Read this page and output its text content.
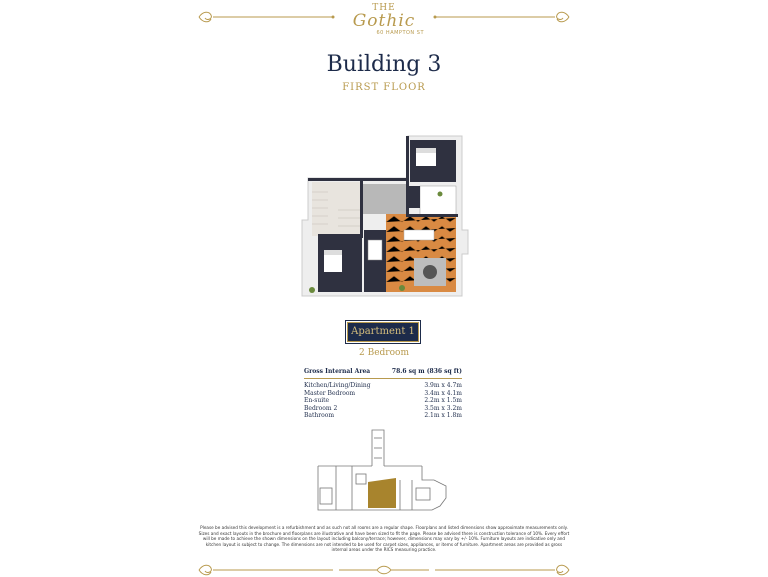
THE
Gothic
60 HAMPTON ST
Building 3
FIRST FLOOR
Apartment 1
2 Bedroom
Gross Internal Area	78.6 sq m (836 sq ft)
Kitchen/Living/Dining	3.9m x 4.7m
Master Bedroom	3.4m x 4.1m
En-suite	2.2m x 1.5m
Bedroom 2	3.5m x 3.2m
Bathroom	2.1m x 1.8m
Please be advised this development is a refurbishment and as such not all rooms are a regular shape. Floorplans and listed dimensions show approximate measurements only. Sizes and exact layouts in the brochure and floorplans are illustrative and have been sized to fit the page. Please be advised there is construction tolerance of 10%. Every effort will be made to achieve the shown dimensions on the layout including balcony/terrace; however, dimensions may vary by +/- 10%. Furniture layouts are indicative only and kitchen layout is subject to change. The dimensions are not intended to be used for carpet sizes, appliances, or items of furniture. Apartment areas are provided as gross internal areas under the RICS measuring practice.
